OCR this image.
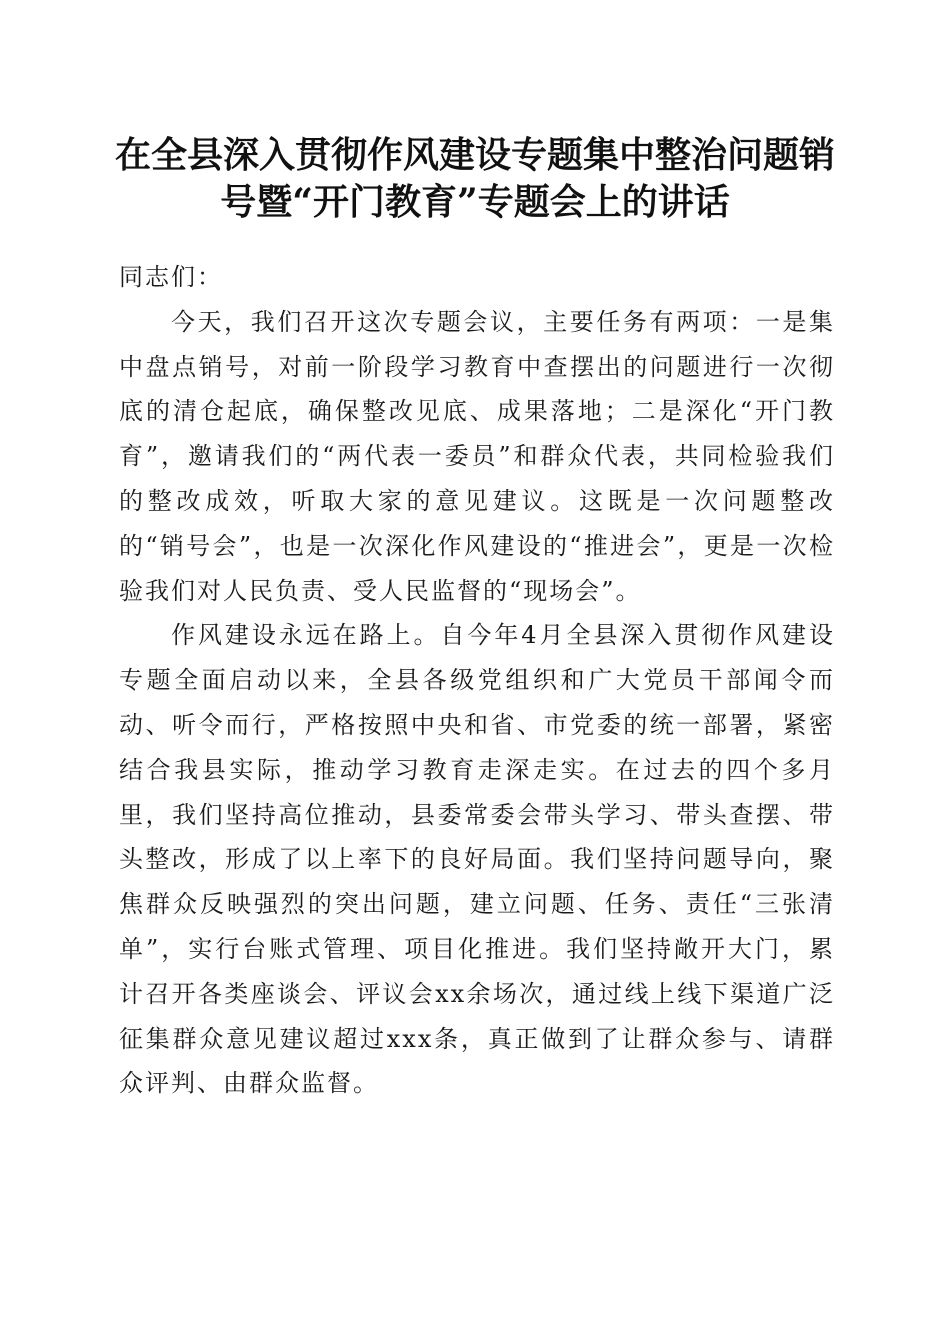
在全县深入贯彻作风建设专题集中整治问题销
号暨“开门教育”专题会上的讲话

同志们：

今天，我们召开这次专题会议，主要任务有两项：一是集中盘点销号，对前一阶段学习教育中查摆出的问题进行一次彻底的清仓起底，确保整改见底、成果落地；二是深化“开门教育”，邀请我们的“两代表一委员”和群众代表，共同检验我们的整改成效，听取大家的意见建议。这既是一次问题整改的“销号会”，也是一次深化作风建设的“推进会”，更是一次检验我们对人民负责、受人民监督的“现场会”。

作风建设永远在路上。自今年4月全县深入贯彻作风建设专题全面启动以来，全县各级党组织和广大党员干部闻令而动、听令而行，严格按照中央和省、市党委的统一部署，紧密结合我县实际，推动学习教育走深走实。在过去的四个多月里，我们坚持高位推动，县委常委会带头学习、带头查摆、带头整改，形成了以上率下的良好局面。我们坚持问题导向，聚焦群众反映强烈的突出问题，建立问题、任务、责任“三张清单”，实行台账式管理、项目化推进。我们坚持敞开大门，累计召开各类座谈会、评议会xx余场次，通过线上线下渠道广泛征集群众意见建议超过xxx条，真正做到了让群众参与、请群众评判、由群众监督。
